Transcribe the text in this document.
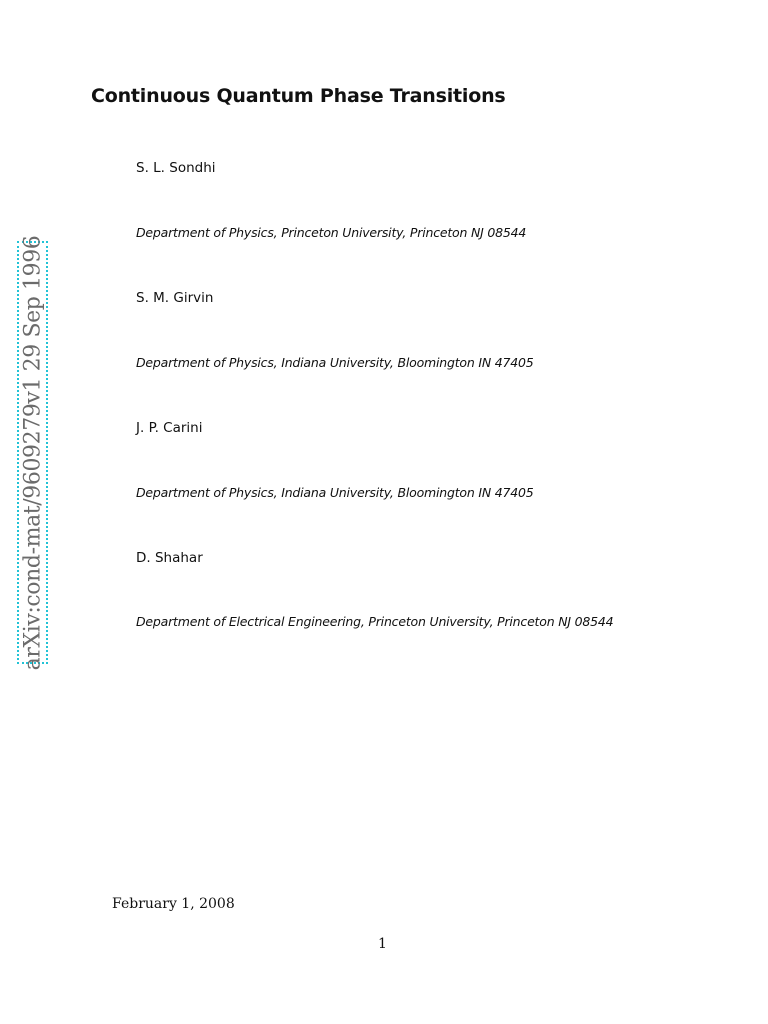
arXiv:cond-mat/9609279v1 29 Sep 1996
Continuous Quantum Phase Transitions
S. L. Sondhi
Department of Physics, Princeton University, Princeton NJ 08544
S. M. Girvin
Department of Physics, Indiana University, Bloomington IN 47405
J. P. Carini
Department of Physics, Indiana University, Bloomington IN 47405
D. Shahar
Department of Electrical Engineering, Princeton University, Princeton NJ 08544
February 1, 2008
1
